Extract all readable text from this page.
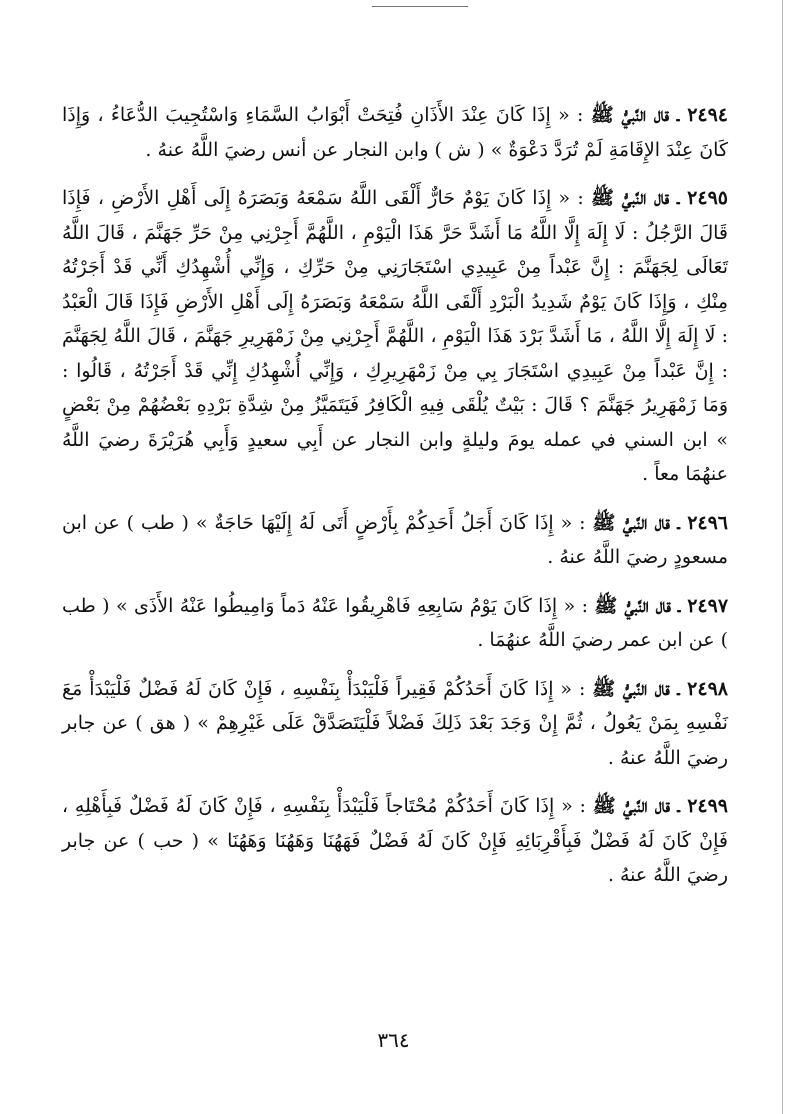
٢٤٩٤ ـ قال النَّبيُّ ﷺ : « إِذَا كَانَ عِنْدَ الأَذَانِ فُتِحَتْ أَبْوَابُ السَّمَاءِ وَاسْتُجِيبَ الدُّعَاءُ ، وَإِذَا كَانَ عِنْدَ الإِقَامَةِ لَمْ تُرَدَّ دَعْوَةٌ » ( ش ) وابن النجار عن أنس رضيَ اللَّهُ عنهُ .

٢٤٩٥ ـ قال النَّبيُّ ﷺ : « إِذَا كَانَ يَوْمٌ حَارٌّ أَلْقَى اللَّهُ سَمْعَهُ وَبَصَرَهُ إِلَى أَهْلِ الأَرْضِ ، فَإِذَا قَالَ الرَّجُلُ : لَا إِلَهَ إِلَّا اللَّهُ مَا أَشَدَّ حَرَّ هَذَا الْيَوْمِ ، اللَّهُمَّ أَجِرْنِي مِنْ حَرِّ جَهَنَّمَ ، قَالَ اللَّهُ تَعَالَى لِجَهَنَّمَ : إِنَّ عَبْداً مِنْ عَبِيدِي اسْتَجَارَنِي مِنْ حَرِّكِ ، وَإِنِّي أُشْهِدُكِ أَنِّي قَدْ أَجَرْتُهُ مِنْكِ ، وَإِذَا كَانَ يَوْمٌ شَدِيدُ الْبَرْدِ أَلْقَى اللَّهُ سَمْعَهُ وَبَصَرَهُ إِلَى أَهْلِ الأَرْضِ فَإِذَا قَالَ الْعَبْدُ : لَا إِلَهَ إِلَّا اللَّهُ ، مَا أَشَدَّ بَرْدَ هَذَا الْيَوْمِ ، اللَّهُمَّ أَجِرْنِي مِنْ زَمْهَرِيرِ جَهَنَّمَ ، قَالَ اللَّهُ لِجَهَنَّمَ : إِنَّ عَبْداً مِنْ عَبِيدِي اسْتَجَارَ بِي مِنْ زَمْهَرِيرِكِ ، وَإِنِّي أُشْهِدُكِ إِنِّي قَدْ أَجَرْتُهُ ، قَالُوا : وَمَا زَمْهَرِيرُ جَهَنَّمَ ؟ قَالَ : بَيْتٌ يُلْقَى فِيهِ الْكَافِرُ فَيَتَمَيَّزُ مِنْ شِدَّةِ بَرْدِهِ بَعْضُهُمْ مِنْ بَعْضٍ » ابن السني في عمله يومَ وليلةٍ وابن النجار عن أَبِي سعيدٍ وَأَبِي هُرَيْرَةَ رضيَ اللَّهُ عنهُمَا معاً .

٢٤٩٦ ـ قال النَّبيُّ ﷺ : « إِذَا كَانَ أَجَلُ أَحَدِكُمْ بِأَرْضٍ أَتَى لَهُ إِلَيْهَا حَاجَةٌ » ( طب ) عن ابن مسعودٍ رضيَ اللَّهُ عنهُ .

٢٤٩٧ ـ قال النَّبيُّ ﷺ : « إِذَا كَانَ يَوْمُ سَابِعِهِ فَاهْرِيقُوا عَنْهُ دَماً وَامِيطُوا عَنْهُ الأَذَى » ( طب ) عن ابن عمر رضيَ اللَّهُ عنهُمَا .

٢٤٩٨ ـ قال النَّبيُّ ﷺ : « إِذَا كَانَ أَحَدُكُمْ فَقِيراً فَلْيَبْدَأْ بِنَفْسِهِ ، فَإِنْ كَانَ لَهُ فَضْلٌ فَلْيَبْدَأْ مَعَ نَفْسِهِ بِمَنْ يَعُولُ ، ثُمَّ إِنْ وَجَدَ بَعْدَ ذَلِكَ فَضْلاً فَلْيَتَصَدَّقْ عَلَى غَيْرِهِمْ » ( هق ) عن جابر رضيَ اللَّهُ عنهُ .

٢٤٩٩ ـ قال النَّبيُّ ﷺ : « إِذَا كَانَ أَحَدُكُمْ مُحْتَاجاً فَلْيَبْدَأْ بِنَفْسِهِ ، فَإِنْ كَانَ لَهُ فَضْلٌ فَبِأَهْلِهِ ، فَإِنْ كَانَ لَهُ فَضْلٌ فَبِأَقْرِبَائِهِ فَإِنْ كَانَ لَهُ فَضْلٌ فَهَهُنَا وَهَهُنَا وَهَهُنَا » ( حب ) عن جابر رضيَ اللَّهُ عنهُ .

٣٦٤
